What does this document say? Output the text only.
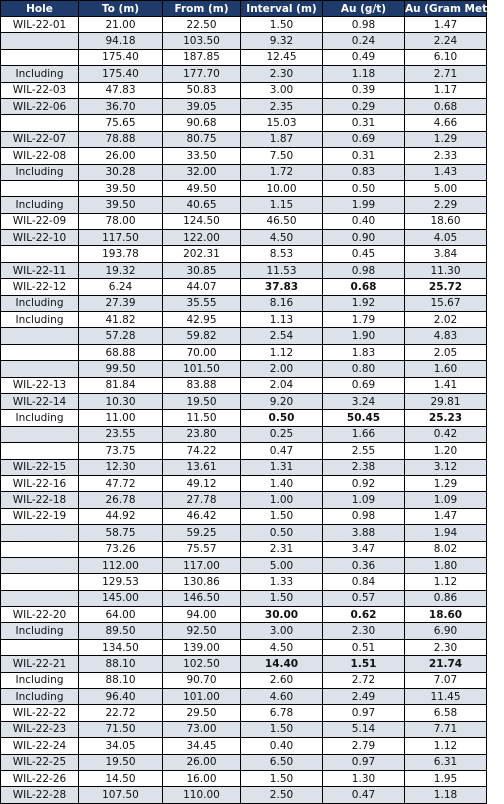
Hole	To (m)	From (m)	Interval (m)	Au (g/t)	Au (Gram Meter)
WIL-22-01	21.00	22.50	1.50	0.98	1.47
	94.18	103.50	9.32	0.24	2.24
	175.40	187.85	12.45	0.49	6.10
Including	175.40	177.70	2.30	1.18	2.71
WIL-22-03	47.83	50.83	3.00	0.39	1.17
WIL-22-06	36.70	39.05	2.35	0.29	0.68
	75.65	90.68	15.03	0.31	4.66
WIL-22-07	78.88	80.75	1.87	0.69	1.29
WIL-22-08	26.00	33.50	7.50	0.31	2.33
Including	30.28	32.00	1.72	0.83	1.43
	39.50	49.50	10.00	0.50	5.00
Including	39.50	40.65	1.15	1.99	2.29
WIL-22-09	78.00	124.50	46.50	0.40	18.60
WIL-22-10	117.50	122.00	4.50	0.90	4.05
	193.78	202.31	8.53	0.45	3.84
WIL-22-11	19.32	30.85	11.53	0.98	11.30
WIL-22-12	6.24	44.07	37.83	0.68	25.72
Including	27.39	35.55	8.16	1.92	15.67
Including	41.82	42.95	1.13	1.79	2.02
	57.28	59.82	2.54	1.90	4.83
	68.88	70.00	1.12	1.83	2.05
	99.50	101.50	2.00	0.80	1.60
WIL-22-13	81.84	83.88	2.04	0.69	1.41
WIL-22-14	10.30	19.50	9.20	3.24	29.81
Including	11.00	11.50	0.50	50.45	25.23
	23.55	23.80	0.25	1.66	0.42
	73.75	74.22	0.47	2.55	1.20
WIL-22-15	12.30	13.61	1.31	2.38	3.12
WIL-22-16	47.72	49.12	1.40	0.92	1.29
WIL-22-18	26.78	27.78	1.00	1.09	1.09
WIL-22-19	44.92	46.42	1.50	0.98	1.47
	58.75	59.25	0.50	3.88	1.94
	73.26	75.57	2.31	3.47	8.02
	112.00	117.00	5.00	0.36	1.80
	129.53	130.86	1.33	0.84	1.12
	145.00	146.50	1.50	0.57	0.86
WIL-22-20	64.00	94.00	30.00	0.62	18.60
Including	89.50	92.50	3.00	2.30	6.90
	134.50	139.00	4.50	0.51	2.30
WIL-22-21	88.10	102.50	14.40	1.51	21.74
Including	88.10	90.70	2.60	2.72	7.07
Including	96.40	101.00	4.60	2.49	11.45
WIL-22-22	22.72	29.50	6.78	0.97	6.58
WIL-22-23	71.50	73.00	1.50	5.14	7.71
WIL-22-24	34.05	34.45	0.40	2.79	1.12
WIL-22-25	19.50	26.00	6.50	0.97	6.31
WIL-22-26	14.50	16.00	1.50	1.30	1.95
WIL-22-28	107.50	110.00	2.50	0.47	1.18
